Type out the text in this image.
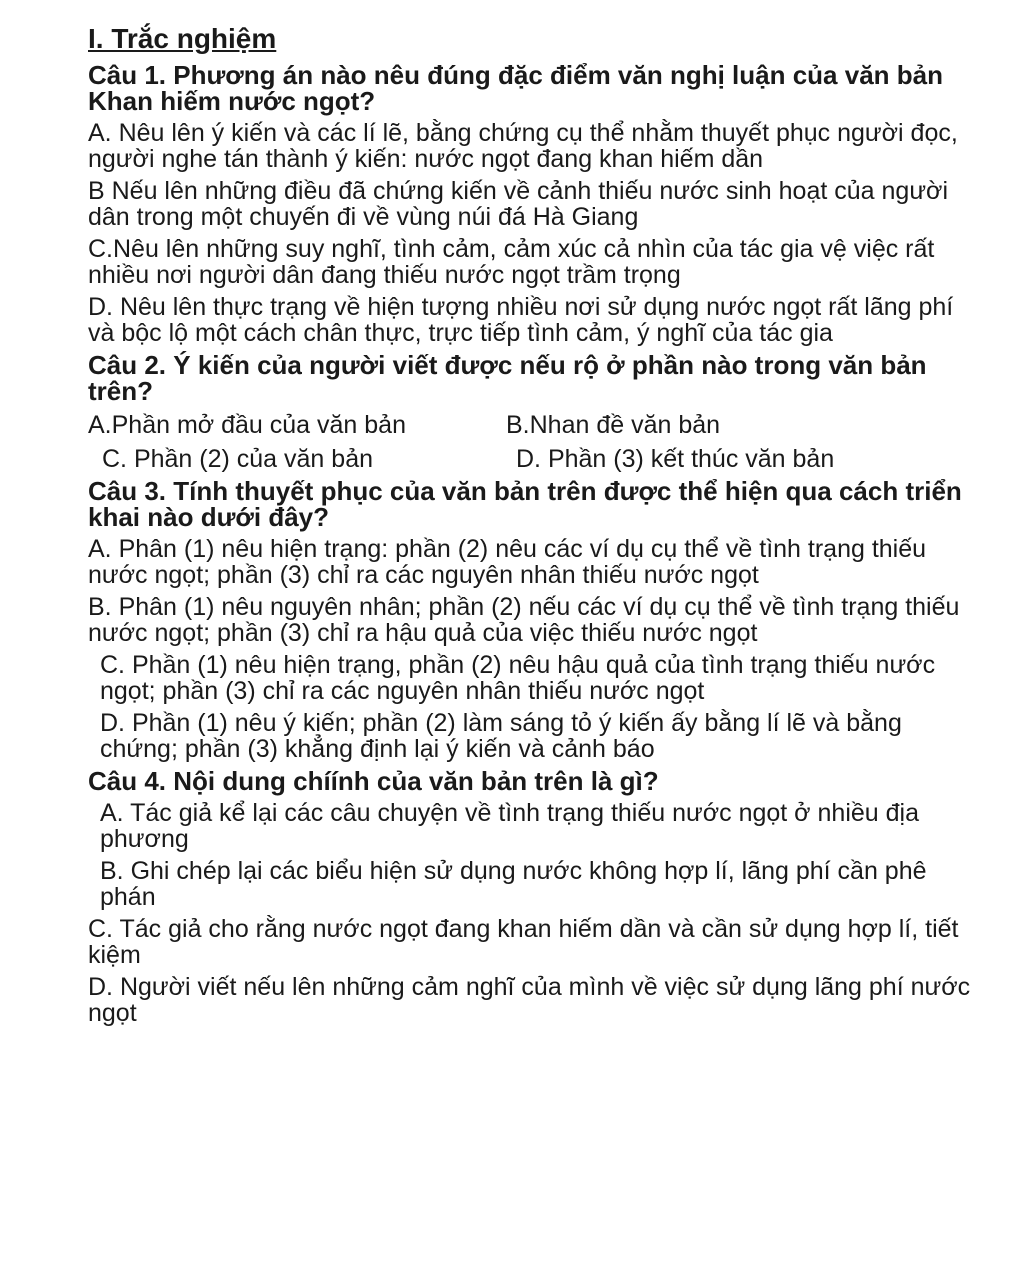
I. Trắc nghiệm
Câu 1. Phương án nào nêu đúng đặc điểm văn nghị luận của văn bản Khan hiếm nước ngọt?
A. Nêu lên ý kiến và các lí lẽ, bằng chứng cụ thể nhằm thuyết phục người đọc, người nghe tán thành ý kiến: nước ngọt đang khan hiếm dần
B Nếu lên những điều đã chứng kiến về cảnh thiếu nước sinh hoạt của người dân trong một chuyến đi về vùng núi đá Hà Giang
C.Nêu lên những suy nghĩ, tình cảm, cảm xúc cả nhìn của tác gia vệ việc rất nhiều nơi người dân đang thiếu nước ngọt trầm trọng
D. Nêu lên thực trạng về hiện tượng nhiều nơi sử dụng nước ngọt rất lãng phí và bộc lộ một cách chân thực, trực tiếp tình cảm, ý nghĩ của tác gia
Câu 2. Ý kiến của người viết được nếu rộ ở phần nào trong văn bản trên?
A.Phần mở đầu của văn bản	B.Nhan đề văn bản
C. Phần (2) của văn bản	D. Phần (3) kết thúc văn bản
Câu 3. Tính thuyết phục của văn bản trên được thể hiện qua cách triển khai nào dưới đây?
A. Phân (1) nêu hiện trạng: phần (2) nêu các ví dụ cụ thể về tình trạng thiếu nước ngọt; phần (3) chỉ ra các nguyên nhân thiếu nước ngọt
B. Phân (1) nêu nguyên nhân; phần (2) nếu các ví dụ cụ thể về tình trạng thiếu nước ngọt; phần (3) chỉ ra hậu quả của việc thiếu nước ngọt
C. Phần (1) nêu hiện trạng, phần (2) nêu hậu quả của tình trạng thiếu nước ngọt; phần (3) chỉ ra các nguyên nhân thiếu nước ngọt
D. Phần (1) nêu ý kiến; phần (2) làm sáng tỏ ý kiến ấy bằng lí lẽ và bằng chứng; phần (3) khẳng định lại ý kiến và cảnh báo
Câu 4. Nội dung chíính của văn bản trên là gì?
A. Tác giả kể lại các câu chuyện về tình trạng thiếu nước ngọt ở nhiều địa phương
B. Ghi chép lại các biểu hiện sử dụng nước không hợp lí, lãng phí cần phê phán
C. Tác giả cho rằng nước ngọt đang khan hiếm dần và cần sử dụng hợp lí, tiết kiệm
D. Người viết nếu lên những cảm nghĩ của mình về việc sử dụng lãng phí nước ngọt
